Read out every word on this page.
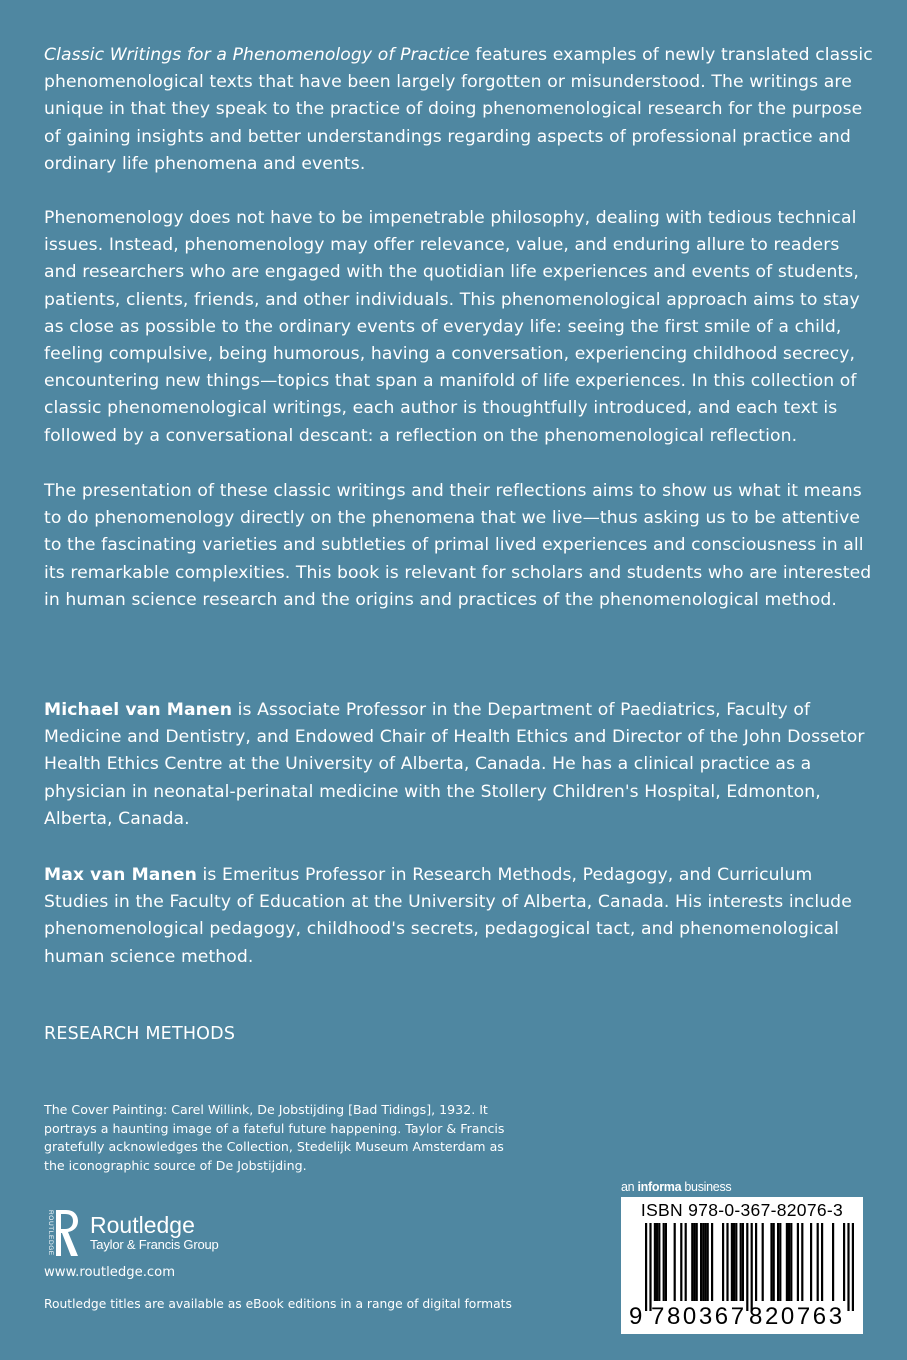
Classic Writings for a Phenomenology of Practice features examples of newly translated classic phenomenological texts that have been largely forgotten or misunderstood. The writings are unique in that they speak to the practice of doing phenomenological research for the purpose of gaining insights and better understandings regarding aspects of professional practice and ordinary life phenomena and events.
Phenomenology does not have to be impenetrable philosophy, dealing with tedious technical issues. Instead, phenomenology may offer relevance, value, and enduring allure to readers and researchers who are engaged with the quotidian life experiences and events of students, patients, clients, friends, and other individuals. This phenomenological approach aims to stay as close as possible to the ordinary events of everyday life: seeing the first smile of a child, feeling compulsive, being humorous, having a conversation, experiencing childhood secrecy, encountering new things—topics that span a manifold of life experiences. In this collection of classic phenomenological writings, each author is thoughtfully introduced, and each text is followed by a conversational descant: a reflection on the phenomenological reflection.
The presentation of these classic writings and their reflections aims to show us what it means to do phenomenology directly on the phenomena that we live—thus asking us to be attentive to the fascinating varieties and subtleties of primal lived experiences and consciousness in all its remarkable complexities. This book is relevant for scholars and students who are interested in human science research and the origins and practices of the phenomenological method.
Michael van Manen is Associate Professor in the Department of Paediatrics, Faculty of Medicine and Dentistry, and Endowed Chair of Health Ethics and Director of the John Dossetor Health Ethics Centre at the University of Alberta, Canada. He has a clinical practice as a physician in neonatal-perinatal medicine with the Stollery Children's Hospital, Edmonton, Alberta, Canada.
Max van Manen is Emeritus Professor in Research Methods, Pedagogy, and Curriculum Studies in the Faculty of Education at the University of Alberta, Canada. His interests include phenomenological pedagogy, childhood's secrets, pedagogical tact, and phenomenological human science method.
RESEARCH METHODS
The Cover Painting: Carel Willink, De Jobstijding [Bad Tidings], 1932. It portrays a haunting image of a fateful future happening. Taylor & Francis gratefully acknowledges the Collection, Stedelijk Museum Amsterdam as the iconographic source of De Jobstijding.
ROUTLEDGE Routledge
Taylor & Francis Group
www.routledge.com
Routledge titles are available as eBook editions in a range of digital formats
an informa business
ISBN 978-0-367-82076-3
9 780367 820763
